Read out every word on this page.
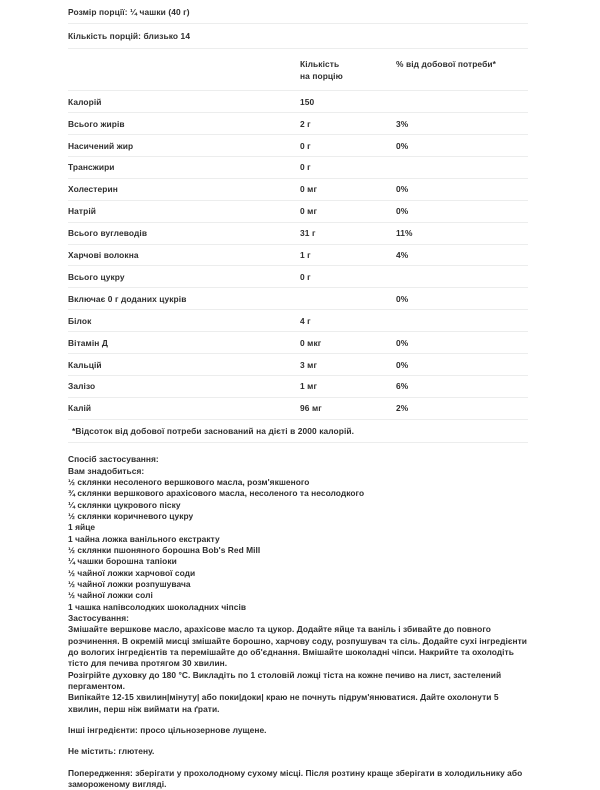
Розмір порції: ¼ чашки (40 г)
Кількість порцій: близько 14
	Кількість
на порцію	% від добової потреби*
Калорій	150	
Всього жирів	2 г	3%
Насичений жир	0 г	0%
Трансжири	0 г	
Холестерин	0 мг	0%
Натрій	0 мг	0%
Всього вуглеводів	31 г	11%
Харчові волокна	1 г	4%
Всього цукру	0 г	
Включає 0 г доданих цукрів		0%
Білок	4 г	
Вітамін Д	0 мкг	0%
Кальцій	3 мг	0%
Залізо	1 мг	6%
Калій	96 мг	2%
*Відсоток від добової потреби заснований на дієті в 2000 калорій.
Спосіб застосування:
Вам знадобиться:
½ склянки несоленого вершкового масла, розм'якшеного
¾ склянки вершкового арахісового масла, несоленого та несолодкого
¼ склянки цукрового піску
½ склянки коричневого цукру
1 яйце
1 чайна ложка ванільного екстракту
½ склянки пшоняного борошна Bob's Red Mill
¼ чашки борошна тапіоки
½ чайної ложки харчової соди
½ чайної ложки розпушувача
½ чайної ложки солі
1 чашка напівсолодких шоколадних чіпсів
Застосування:
Змішайте вершкове масло, арахісове масло та цукор. Додайте яйце та ваніль і збивайте до повного розчинення. В окремій мисці змішайте борошно, харчову соду, розпушувач та сіль. Додайте сухі інгредієнти до вологих інгредієнтів та перемішайте до об'єднання. Вмішайте шоколадні чіпси. Накрийте та охолодіть тісто для печива протягом 30 хвилин.
Розігрійте духовку до 180 °C. Викладіть по 1 столовій ложці тіста на кожне печиво на лист, застелений пергаментом.
Випікайте 12-15 хвилин|мінуту| або поки|доки| краю не почнуть підрум'янюватися. Дайте охолонути 5 хвилин, перш ніж виймати на ґрати.
Інші інгредієнти: просо цільнозернове лущене.
Не містить: глютену.
Попередження: зберігати у прохолодному сухому місці. Після розтину краще зберігати в холодильнику або замороженому вигляді.
